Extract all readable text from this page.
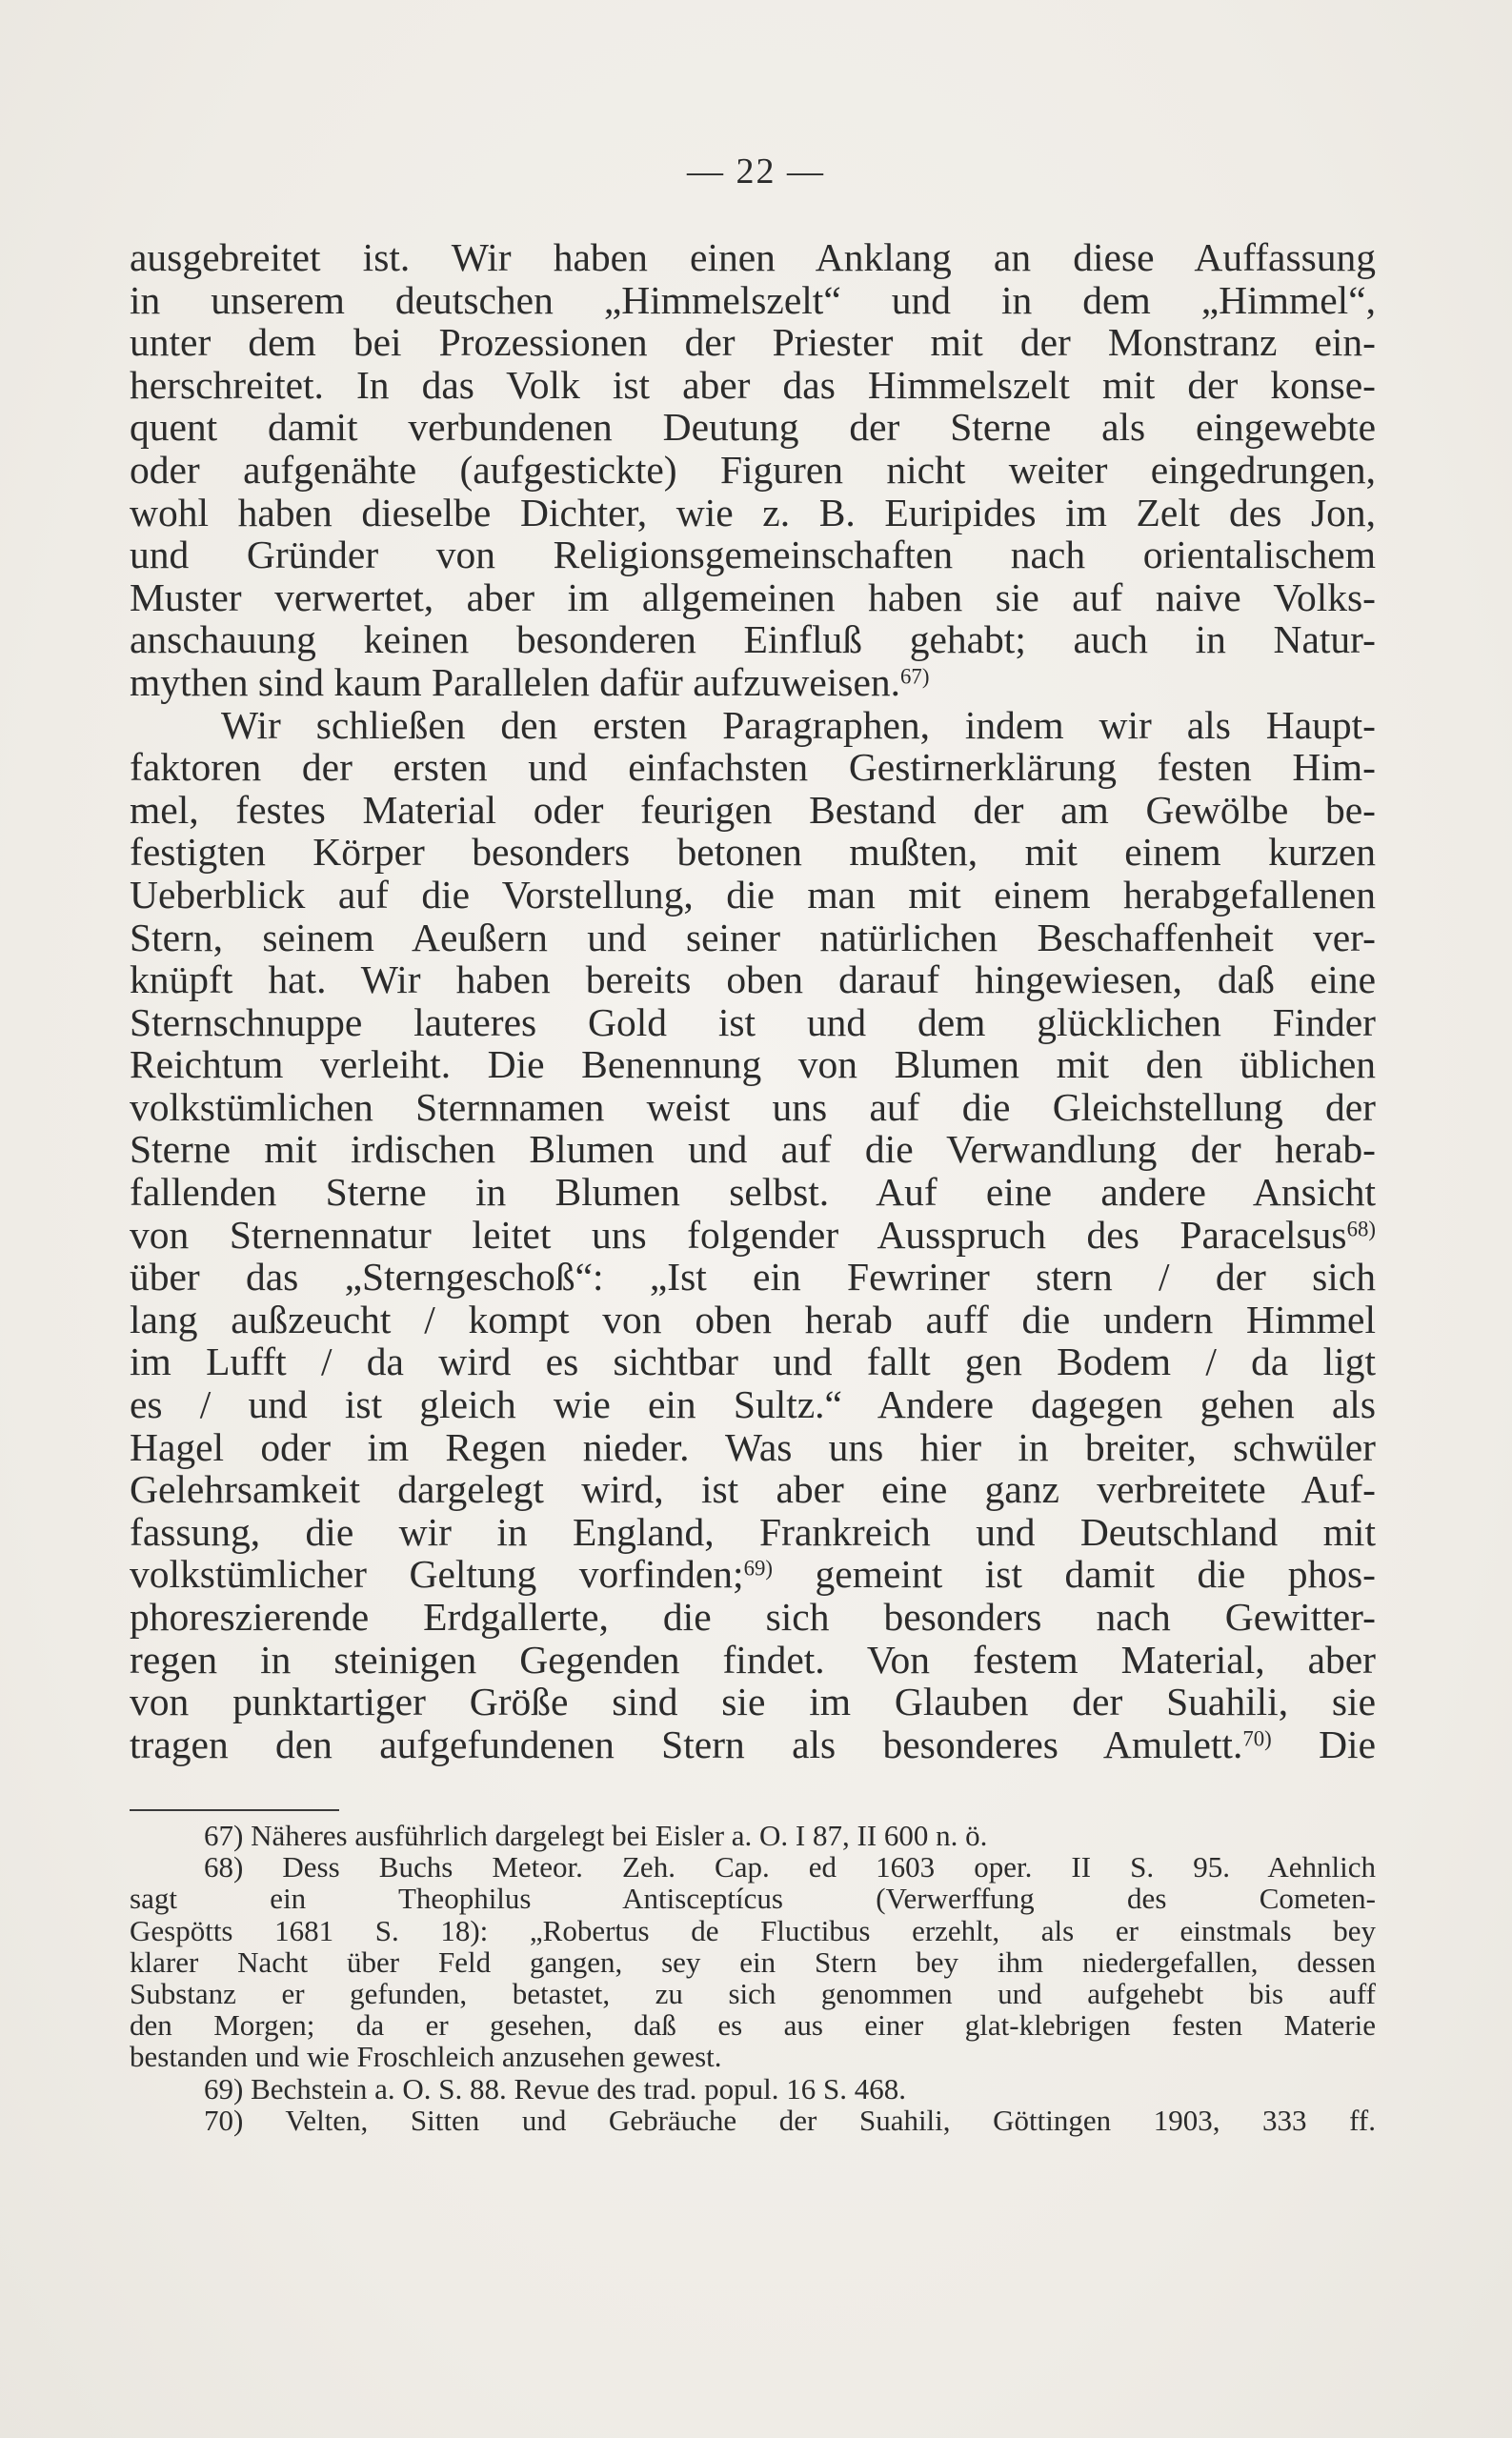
— 22 —
ausgebreitet ist. Wir haben einen Anklang an diese Auffassung
in unserem deutschen „Himmelszelt“ und in dem „Himmel“,
unter dem bei Prozessionen der Priester mit der Monstranz ein-
herschreitet. In das Volk ist aber das Himmelszelt mit der konse-
quent damit verbundenen Deutung der Sterne als eingewebte
oder aufgenähte (aufgestickte) Figuren nicht weiter eingedrungen,
wohl haben dieselbe Dichter, wie z. B. Euripides im Zelt des Jon,
und Gründer von Religionsgemeinschaften nach orientalischem
Muster verwertet, aber im allgemeinen haben sie auf naive Volks-
anschauung keinen besonderen Einfluß gehabt; auch in Natur-
mythen sind kaum Parallelen dafür aufzuweisen.$^{67)}$
Wir schließen den ersten Paragraphen, indem wir als Haupt-
faktoren der ersten und einfachsten Gestirnerklärung festen Him-
mel, festes Material oder feurigen Bestand der am Gewölbe be-
festigten Körper besonders betonen mußten, mit einem kurzen
Ueberblick auf die Vorstellung, die man mit einem herabgefallenen
Stern, seinem Aeußern und seiner natürlichen Beschaffenheit ver-
knüpft hat. Wir haben bereits oben darauf hingewiesen, daß eine
Sternschnuppe lauteres Gold ist und dem glücklichen Finder
Reichtum verleiht. Die Benennung von Blumen mit den üblichen
volkstümlichen Sternnamen weist uns auf die Gleichstellung der
Sterne mit irdischen Blumen und auf die Verwandlung der herab-
fallenden Sterne in Blumen selbst. Auf eine andere Ansicht
von Sternennatur leitet uns folgender Ausspruch des Paracelsus$^{68)}$
über das „Sterngeschoß“: „Ist ein Fewriner stern / der sich
lang außzeucht / kompt von oben herab auff die undern Himmel
im Lufft / da wird es sichtbar und fallt gen Bodem / da ligt
es / und ist gleich wie ein Sultz.“ Andere dagegen gehen als
Hagel oder im Regen nieder. Was uns hier in breiter, schwüler
Gelehrsamkeit dargelegt wird, ist aber eine ganz verbreitete Auf-
fassung, die wir in England, Frankreich und Deutschland mit
volkstümlicher Geltung vorfinden;$^{69)}$ gemeint ist damit die phos-
phoreszierende Erdgallerte, die sich besonders nach Gewitter-
regen in steinigen Gegenden findet. Von festem Material, aber
von punktartiger Größe sind sie im Glauben der Suahili, sie
tragen den aufgefundenen Stern als besonderes Amulett.$^{70)}$ Die
67) Näheres ausführlich dargelegt bei Eisler a. O. I 87, II 600 n. ö.
68) Dess Buchs Meteor. Zeh. Cap. ed 1603 oper. II S. 95. Aehnlich
sagt ein Theophilus Antisceptícus (Verwerffung des Cometen-
Gespötts 1681 S. 18): „Robertus de Fluctibus erzehlt, als er einstmals bey
klarer Nacht über Feld gangen, sey ein Stern bey ihm niedergefallen, dessen
Substanz er gefunden, betastet, zu sich genommen und aufgehebt bis auff
den Morgen; da er gesehen, daß es aus einer glat-klebrigen festen Materie
bestanden und wie Froschleich anzusehen gewest.
69) Bechstein a. O. S. 88. Revue des trad. popul. 16 S. 468.
70) Velten, Sitten und Gebräuche der Suahili, Göttingen 1903, 333 ff.
